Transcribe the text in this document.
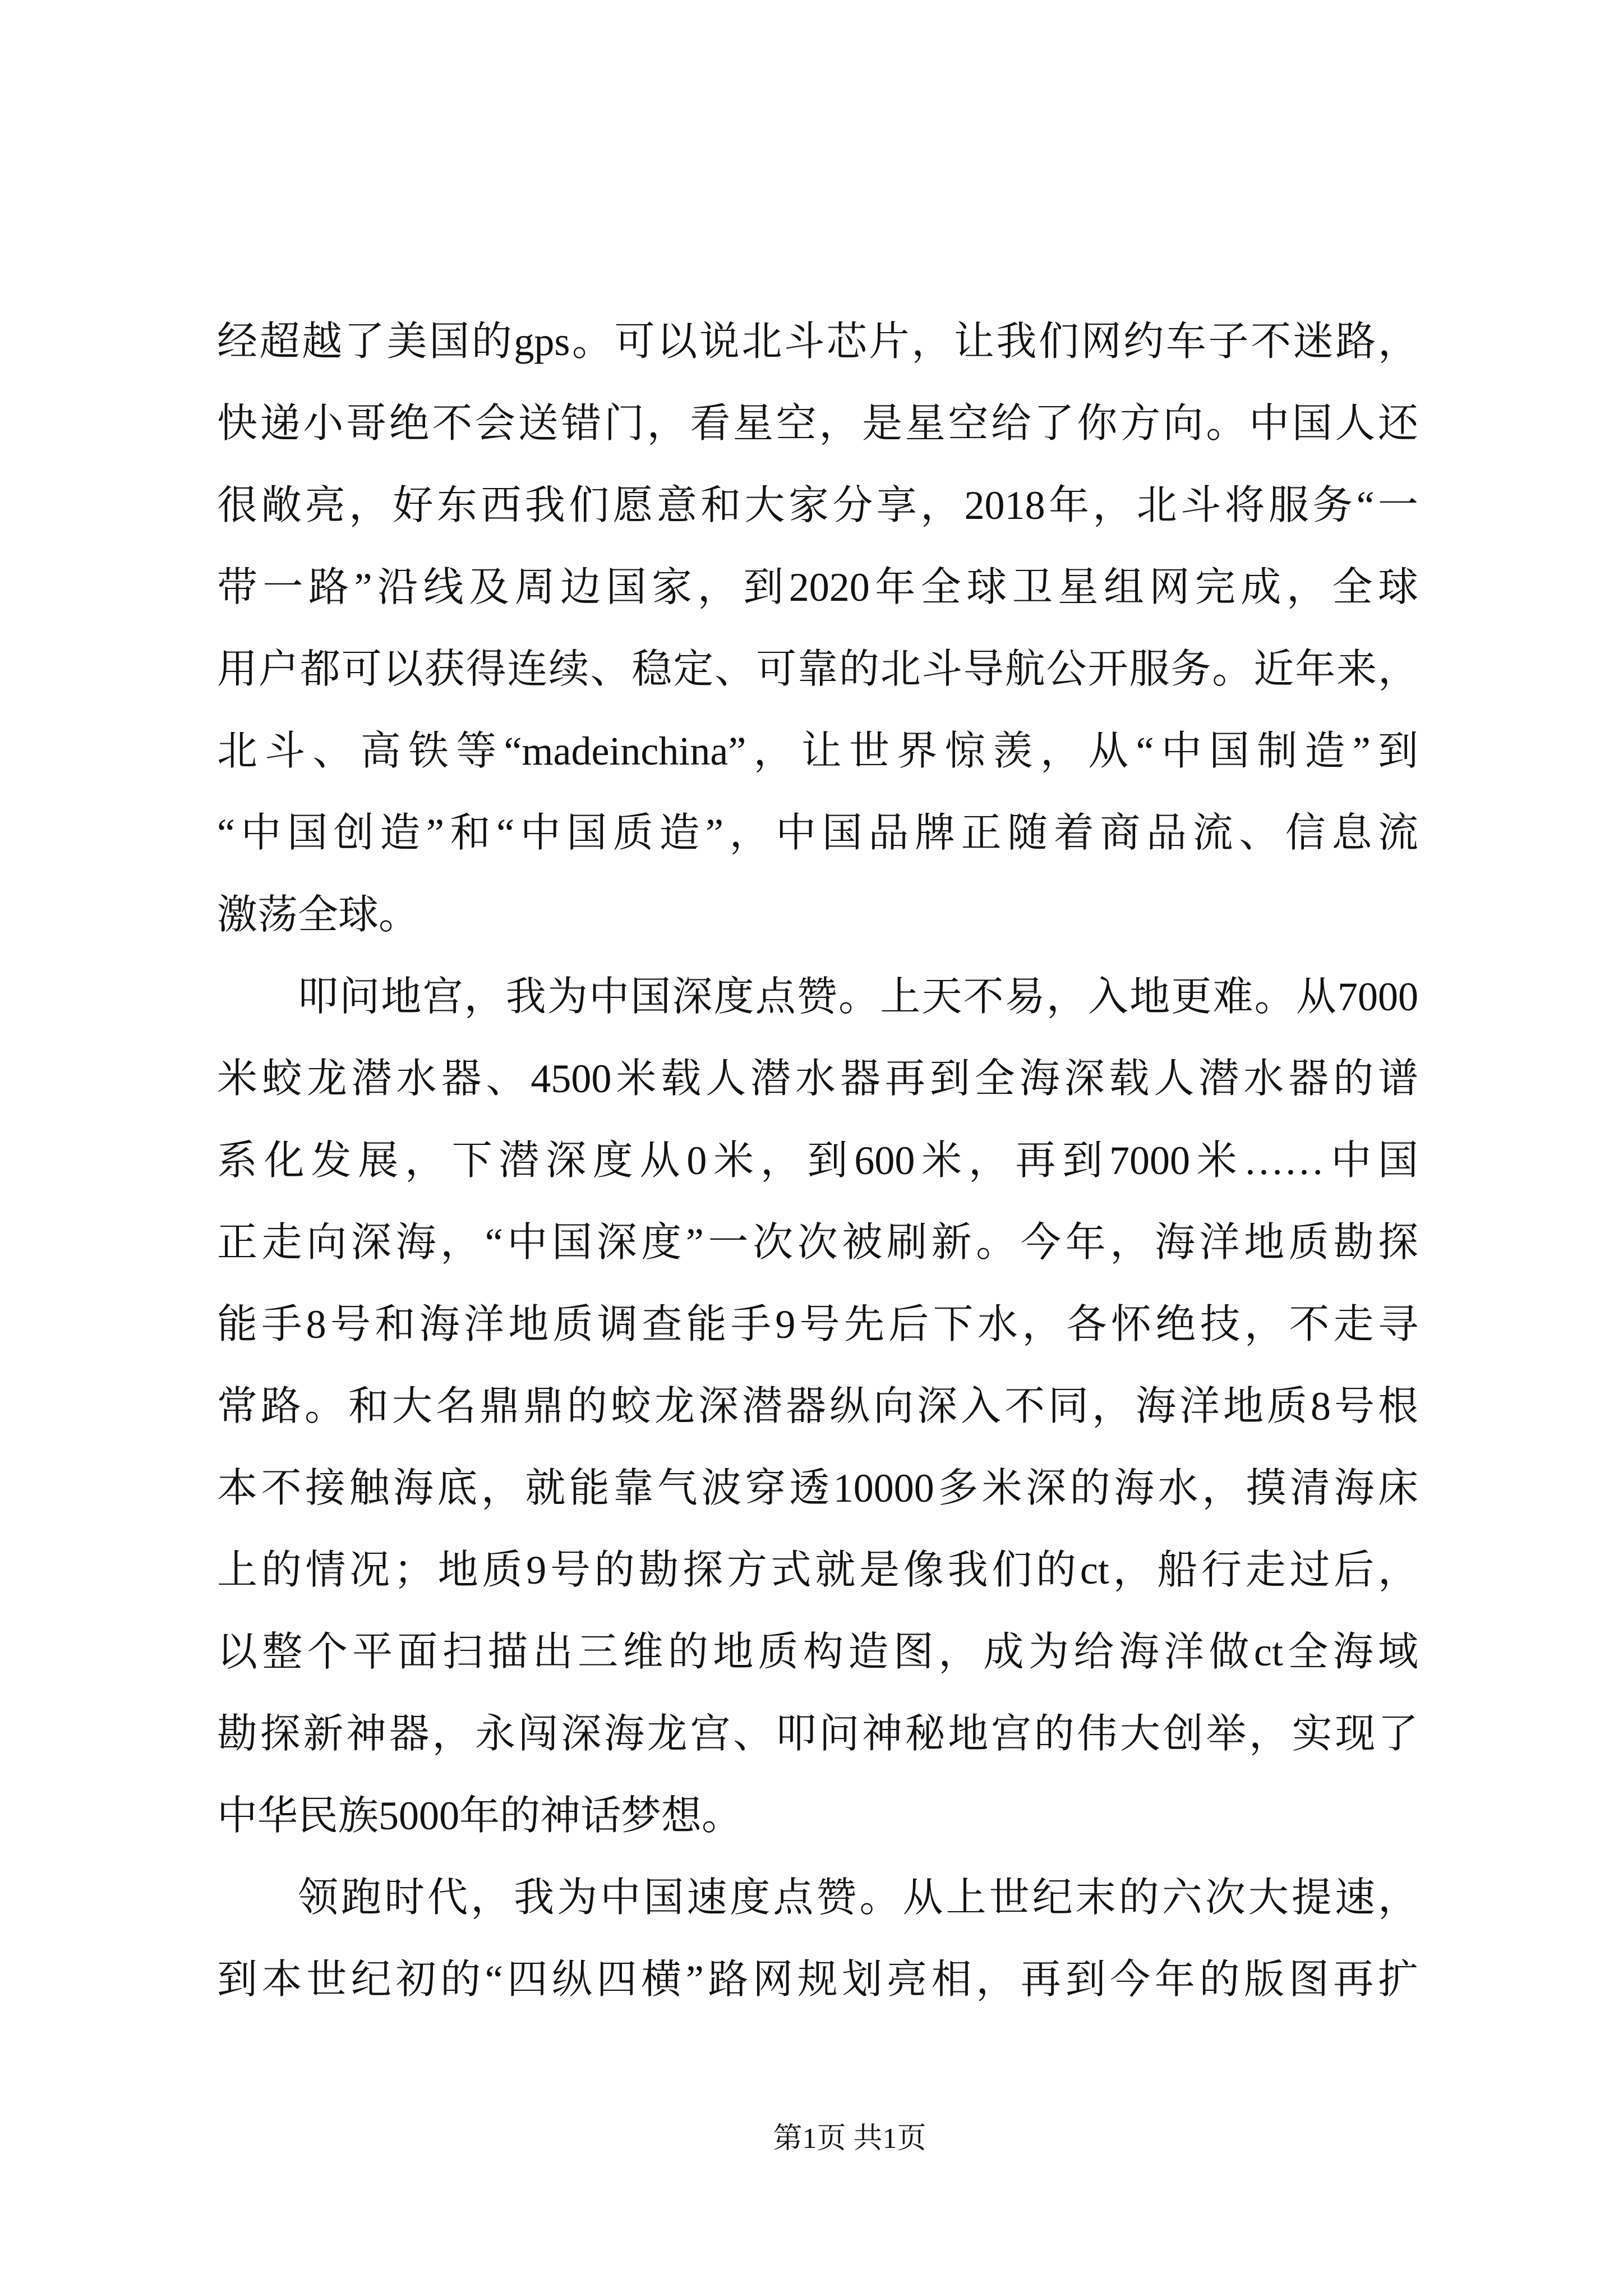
经超越了美国的gps。可以说北斗芯片，让我们网约车子不迷路，
快递小哥绝不会送错门，看星空，是星空给了你方向。中国人还
很敞亮，好东西我们愿意和大家分享，2018年，北斗将服务“一
带一路”沿线及周边国家，到2020年全球卫星组网完成，全球
用户都可以获得连续、稳定、可靠的北斗导航公开服务。近年来，
北斗、高铁等“madeinchina”，让世界惊羡，从“中国制造”到
“中国创造”和“中国质造”，中国品牌正随着商品流、信息流
激荡全球。
叩问地宫，我为中国深度点赞。上天不易，入地更难。从7000
米蛟龙潜水器、4500米载人潜水器再到全海深载人潜水器的谱
系化发展，下潜深度从0米，到600米，再到7000米……中国
正走向深海，“中国深度”一次次被刷新。今年，海洋地质勘探
能手8号和海洋地质调查能手9号先后下水，各怀绝技，不走寻
常路。和大名鼎鼎的蛟龙深潜器纵向深入不同，海洋地质8号根
本不接触海底，就能靠气波穿透10000多米深的海水，摸清海床
上的情况；地质9号的勘探方式就是像我们的ct，船行走过后，
以整个平面扫描出三维的地质构造图，成为给海洋做ct全海域
勘探新神器，永闯深海龙宫、叩问神秘地宫的伟大创举，实现了
中华民族5000年的神话梦想。
领跑时代，我为中国速度点赞。从上世纪末的六次大提速，
到本世纪初的“四纵四横”路网规划亮相，再到今年的版图再扩
第1页 共1页
